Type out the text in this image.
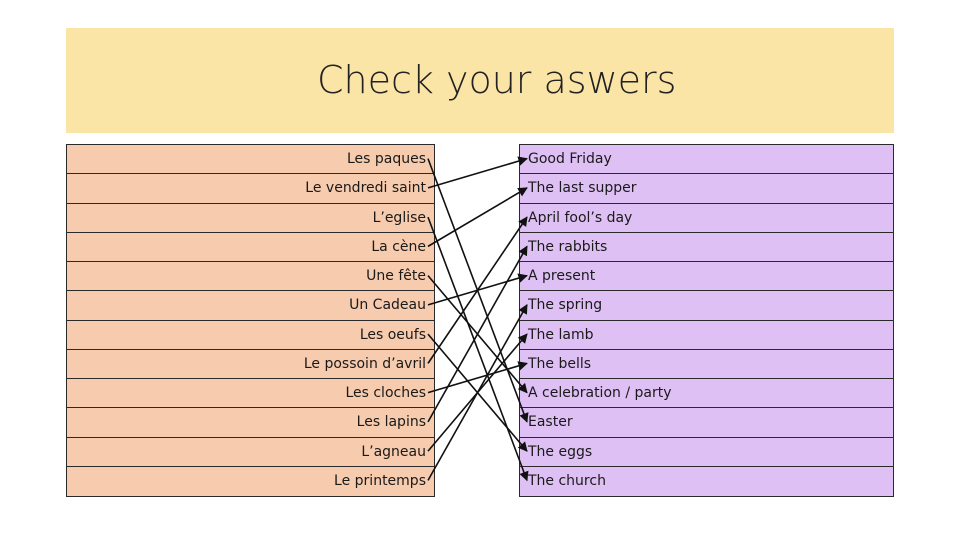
Check your aswers
Les paques
Le vendredi saint
L’eglise
La cène
Une fête
Un Cadeau
Les oeufs
Le possoin d’avril
Les cloches
Les lapins
L’agneau
Le printemps
Good Friday
The last supper
April fool’s day
The rabbits
A present
The spring
The lamb
The bells
A celebration / party
Easter
The eggs
The church
